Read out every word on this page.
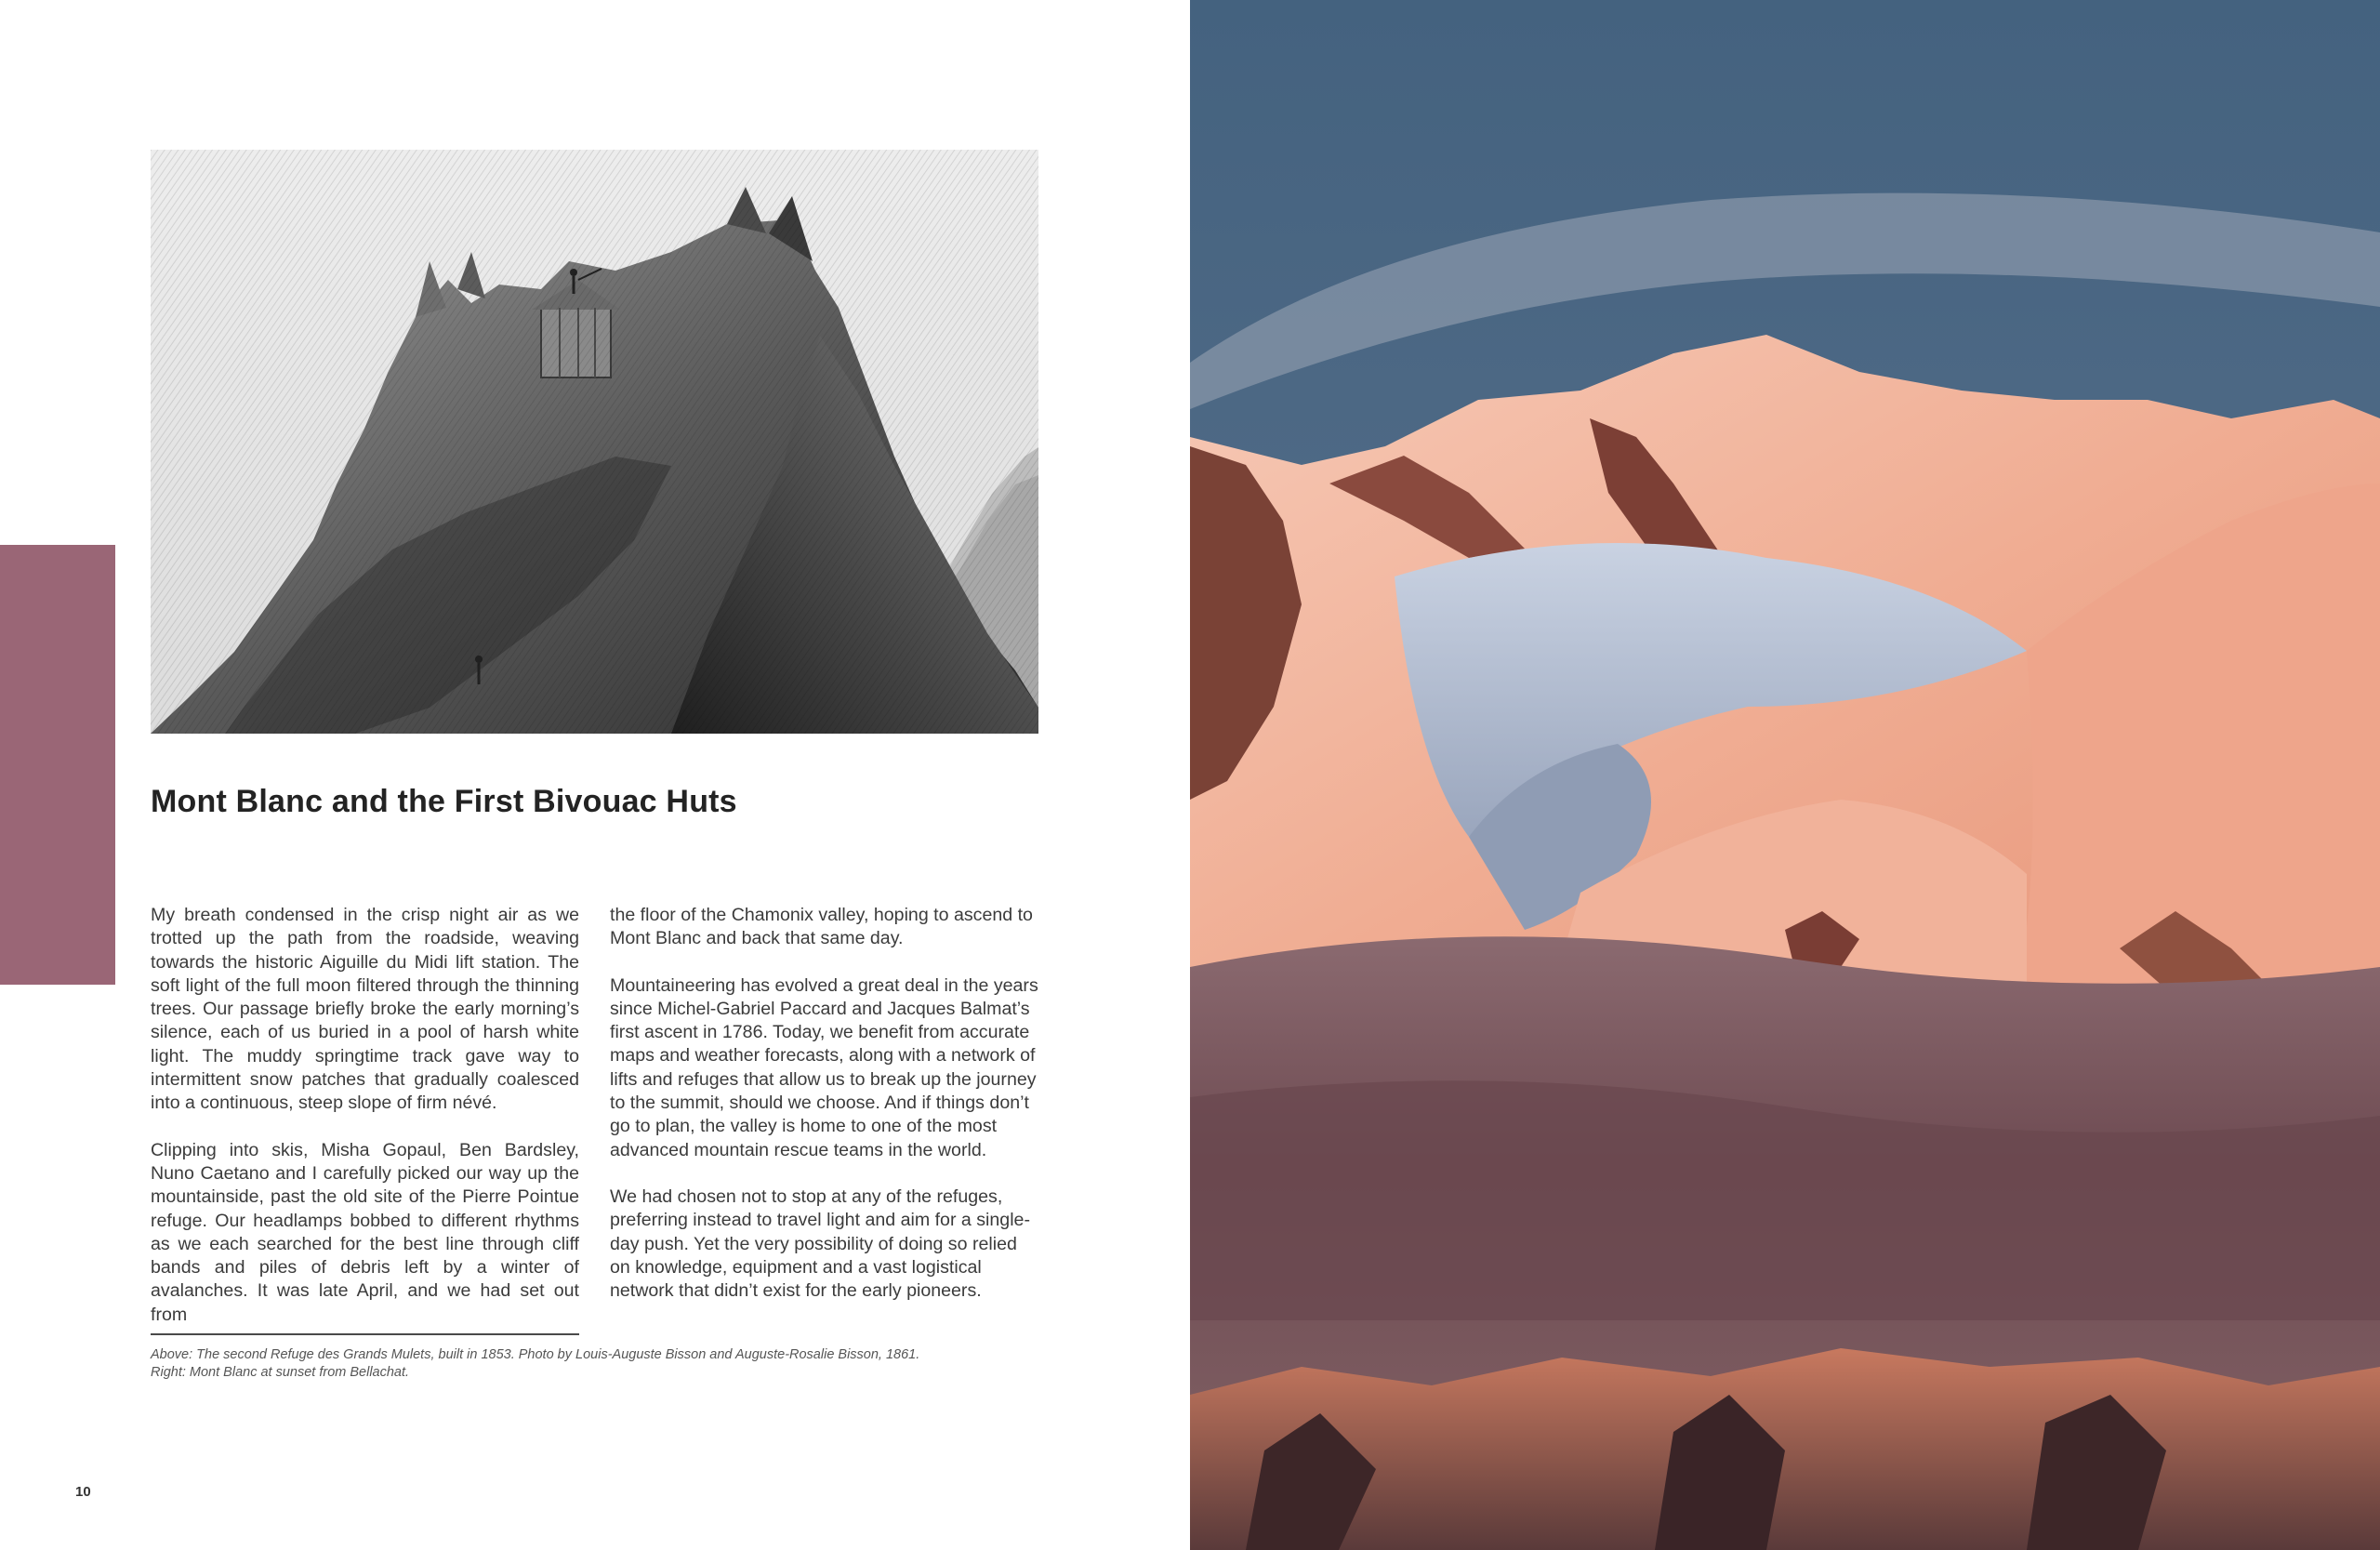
Mont Blanc and the First Bivouac Huts

My breath condensed in the crisp night air as we trotted up the path from the roadside, weaving towards the historic Aiguille du Midi lift station. The soft light of the full moon filtered through the thinning trees. Our passage briefly broke the early morning’s silence, each of us buried in a pool of harsh white light. The muddy springtime track gave way to intermittent snow patches that gradually coalesced into a continuous, steep slope of firm névé.

Clipping into skis, Misha Gopaul, Ben Bardsley, Nuno Caetano and I carefully picked our way up the mountainside, past the old site of the Pierre Pointue refuge. Our headlamps bobbed to different rhythms as we each searched for the best line through cliff bands and piles of debris left by a winter of avalanches. It was late April, and we had set out from

the floor of the Chamonix valley, hoping to ascend to Mont Blanc and back that same day.

Mountaineering has evolved a great deal in the years since Michel-Gabriel Paccard and Jacques Balmat’s first ascent in 1786. Today, we benefit from accurate maps and weather forecasts, along with a network of lifts and refuges that allow us to break up the journey to the summit, should we choose. And if things don’t go to plan, the valley is home to one of the most advanced mountain rescue teams in the world.

We had chosen not to stop at any of the refuges, preferring instead to travel light and aim for a single-day push. Yet the very possibility of doing so relied on knowledge, equipment and a vast logistical network that didn’t exist for the early pioneers.

Above: The second Refuge des Grands Mulets, built in 1853. Photo by Louis-Auguste Bisson and Auguste-Rosalie Bisson, 1861.
Right: Mont Blanc at sunset from Bellachat.
10
